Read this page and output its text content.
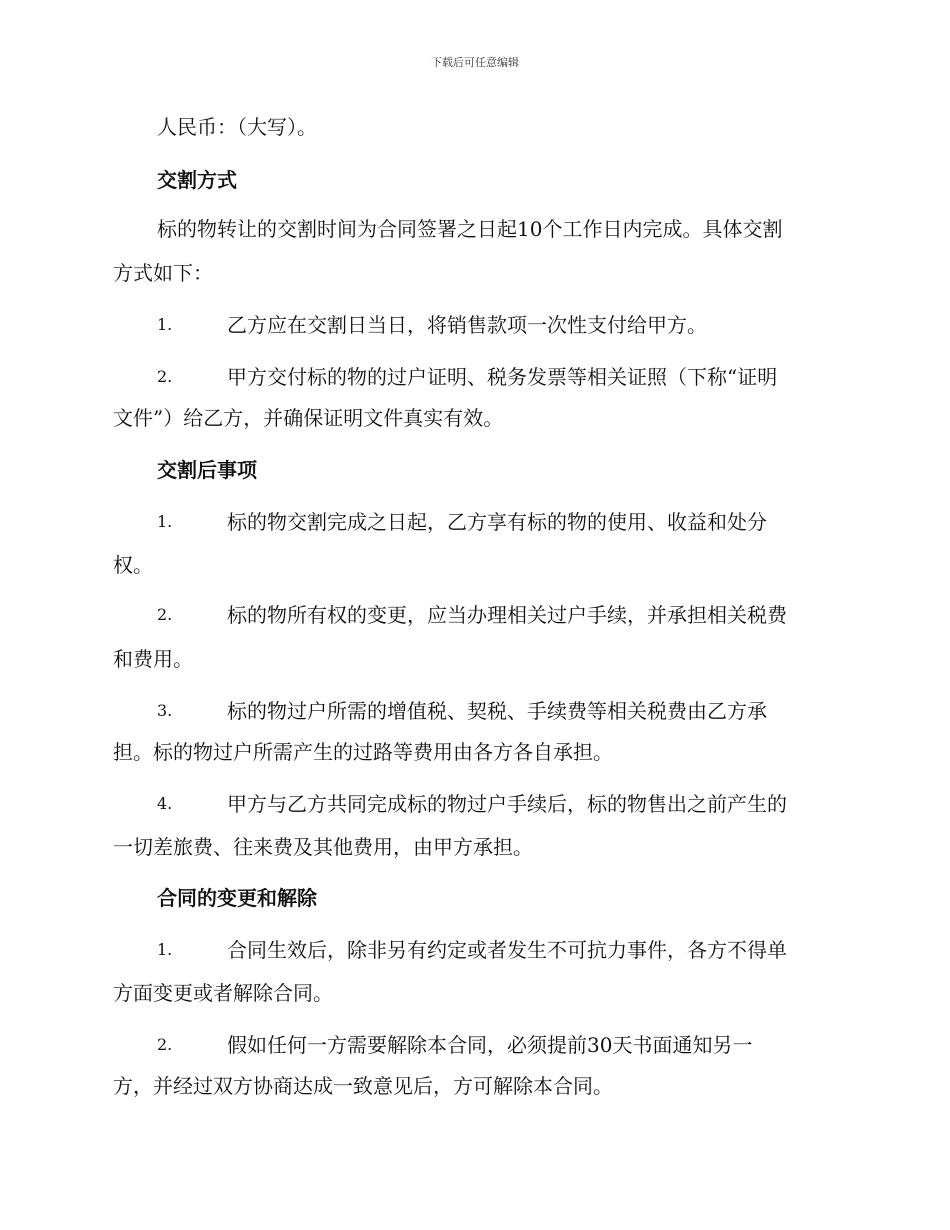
下载后可任意编辑
人民币：（大写）。
交割方式
标的物转让的交割时间为合同签署之日起10个工作日内完成。具体交割
方式如下：
1.	乙方应在交割日当日，将销售款项一次性支付给甲方。
2.	甲方交付标的物的过户证明、税务发票等相关证照（下称“证明
文件”）给乙方，并确保证明文件真实有效。
交割后事项
1.	标的物交割完成之日起，乙方享有标的物的使用、收益和处分
权。
2.	标的物所有权的变更，应当办理相关过户手续，并承担相关税费
和费用。
3.	标的物过户所需的增值税、契税、手续费等相关税费由乙方承
担。标的物过户所需产生的过路等费用由各方各自承担。
4.	甲方与乙方共同完成标的物过户手续后，标的物售出之前产生的
一切差旅费、往来费及其他费用，由甲方承担。
合同的变更和解除
1.	合同生效后，除非另有约定或者发生不可抗力事件，各方不得单
方面变更或者解除合同。
2.	假如任何一方需要解除本合同，必须提前30天书面通知另一
方，并经过双方协商达成一致意见后，方可解除本合同。
